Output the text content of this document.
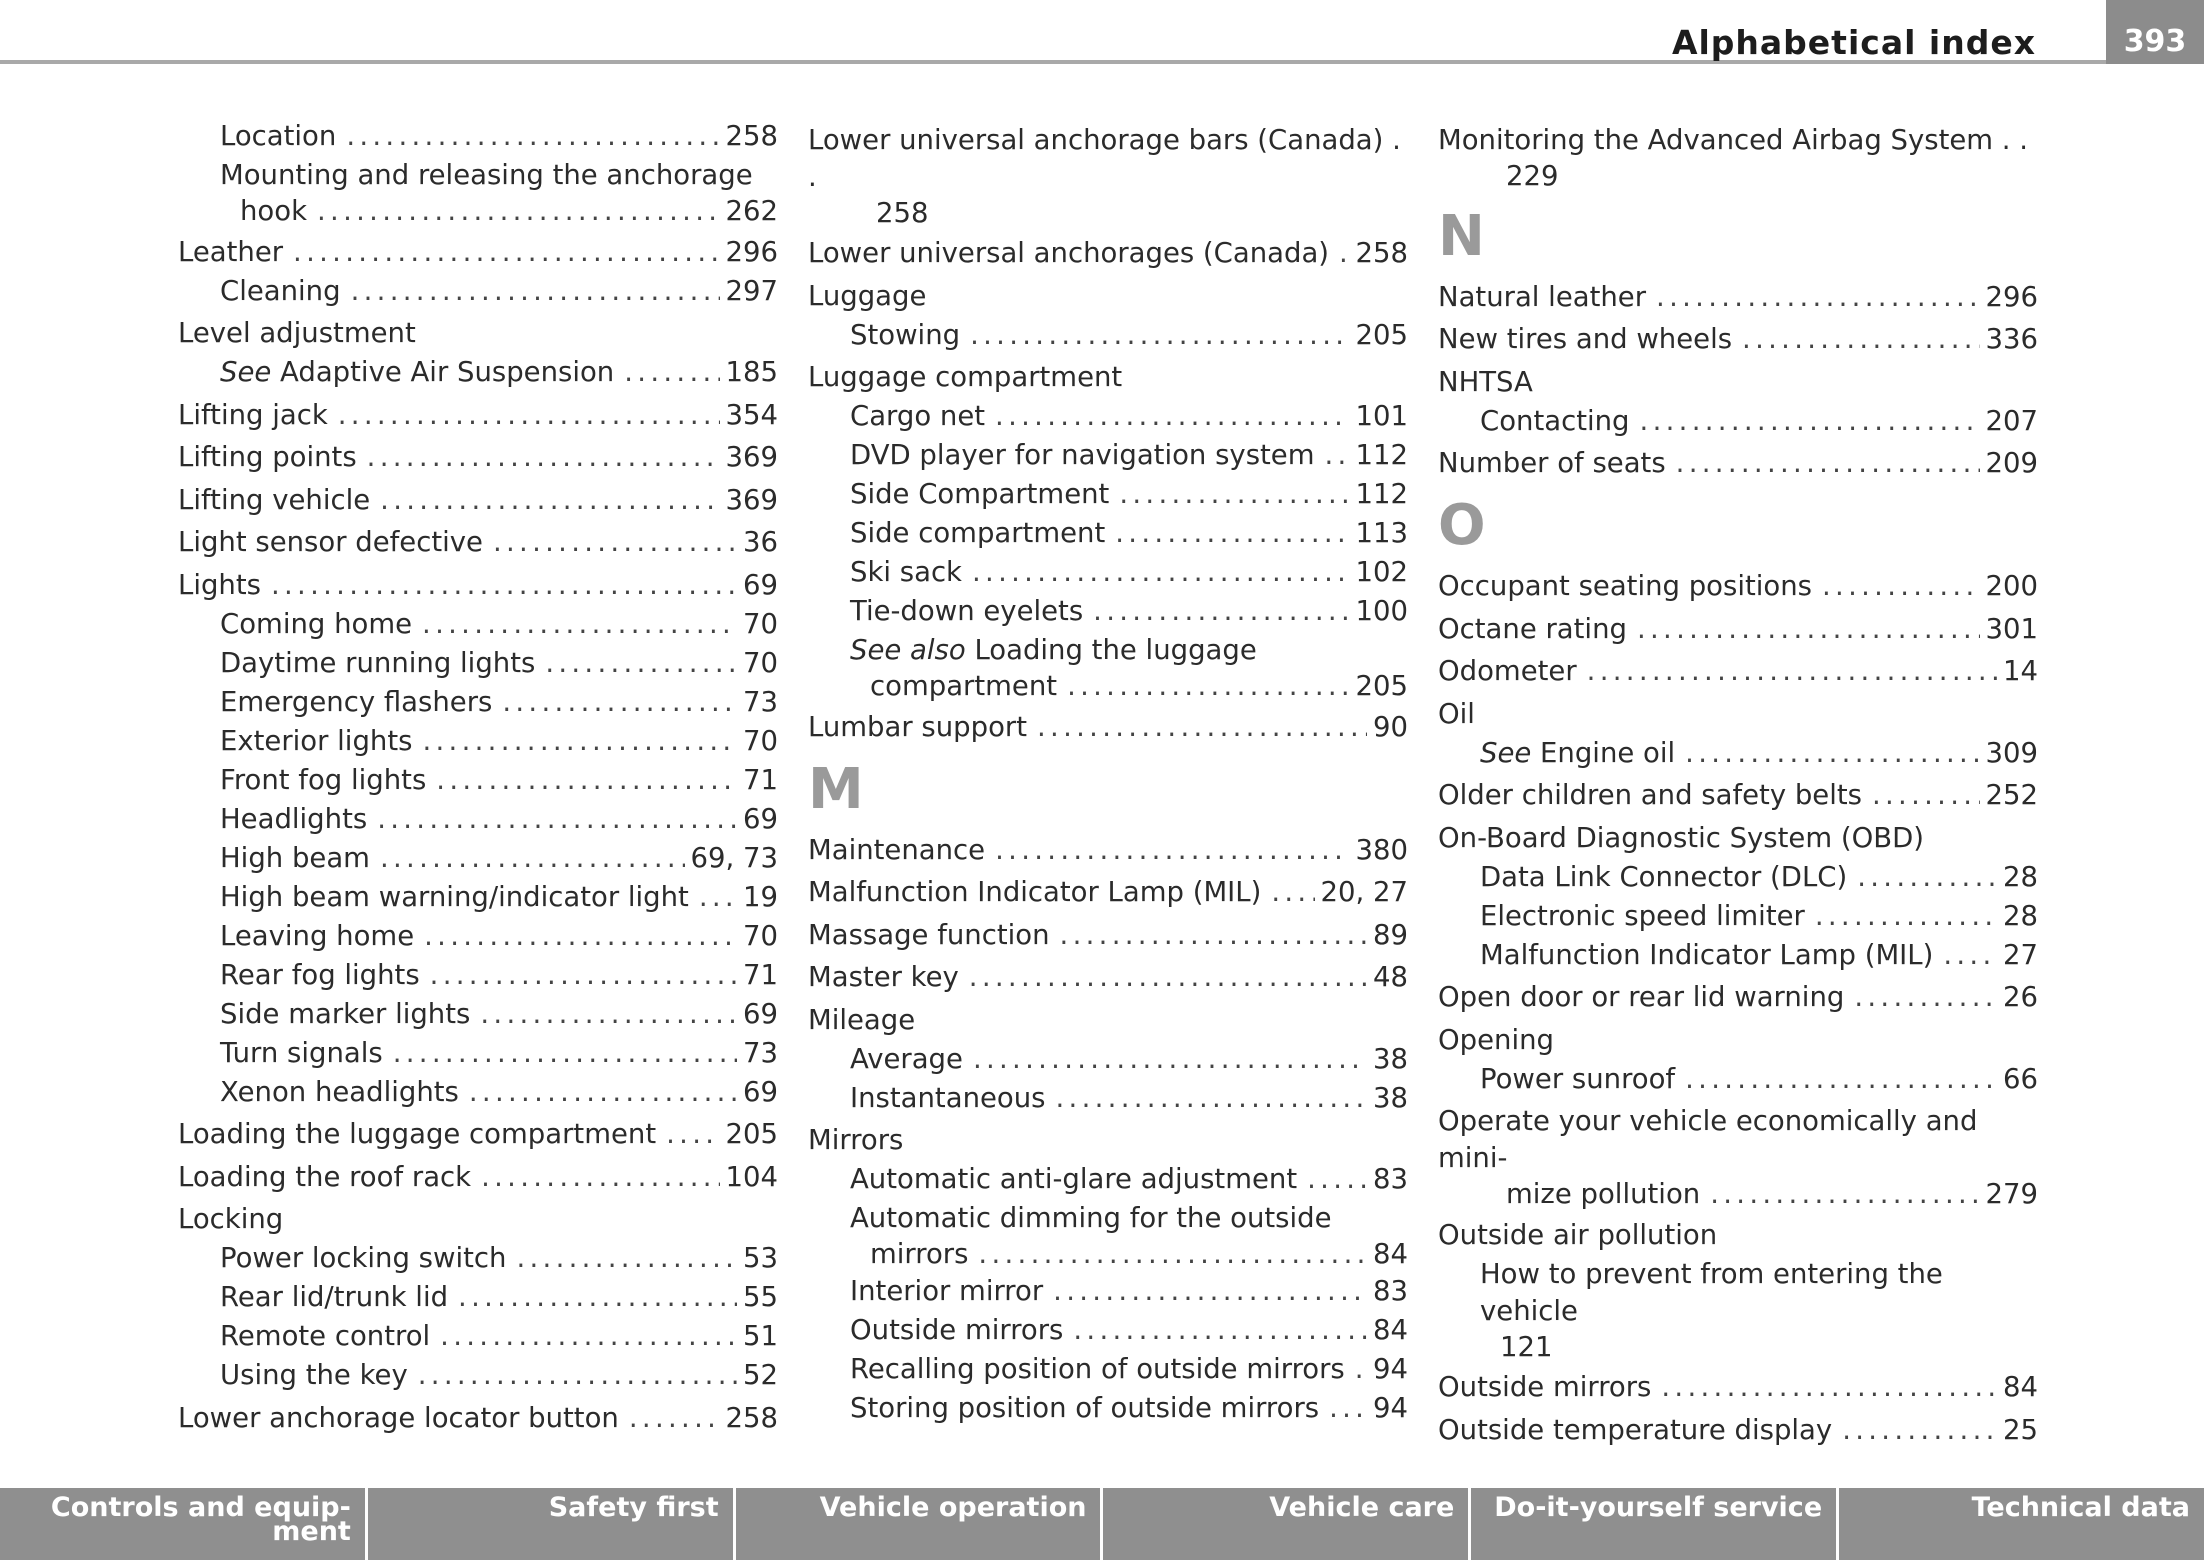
Alphabetical index	393
Location .....	258
Mounting and releasing the anchorage
hook .....	262
Leather .....	296
Cleaning .....	297
Level adjustment
See Adaptive Air Suspension .....	185
Lifting jack .....	354
Lifting points .....	369
Lifting vehicle .....	369
Light sensor defective .....	36
Lights .....	69
Coming home .....	70
Daytime running lights .....	70
Emergency flashers .....	73
Exterior lights .....	70
Front fog lights .....	71
Headlights .....	69
High beam .....	69, 73
High beam warning/indicator light ..... 19
Leaving home .....	70
Rear fog lights .....	71
Side marker lights .....	69
Turn signals .....	73
Xenon headlights .....	69
Loading the luggage compartment .....	205
Loading the roof rack .....	104
Locking
Power locking switch .....	53
Rear lid/trunk lid .....	55
Remote control .....	51
Using the key .....	52
Lower anchorage locator button .....	258
Lower universal anchorage bars (Canada) . .
258
Lower universal anchorages (Canada) ..... 258
Luggage
Stowing .....	205
Luggage compartment
Cargo net .....	101
DVD player for navigation system ..... 112
Side Compartment .....	112
Side compartment .....	113
Ski sack .....	102
Tie-down eyelets .....	100
See also Loading the luggage
compartment .....	205
Lumbar support .....	90
M
Maintenance .....	380
Malfunction Indicator Lamp (MIL) ..... 20, 27
Massage function .....	89
Master key .....	48
Mileage
Average .....	38
Instantaneous .....	38
Mirrors
Automatic anti-glare adjustment .....	83
Automatic dimming for the outside
mirrors .....	84
Interior mirror .....	83
Outside mirrors .....	84
Recalling position of outside mirrors ..... 94
Storing position of outside mirrors ..... 94
Monitoring the Advanced Airbag System . .
229
N
Natural leather .....	296
New tires and wheels .....	336
NHTSA
Contacting .....	207
Number of seats .....	209
O
Occupant seating positions .....	200
Octane rating .....	301
Odometer .....	14
Oil
See Engine oil .....	309
Older children and safety belts .....	252
On-Board Diagnostic System (OBD)
Data Link Connector (DLC) .....	28
Electronic speed limiter .....	28
Malfunction Indicator Lamp (MIL) .....	27
Open door or rear lid warning .....	26
Opening
Power sunroof .....	66
Operate your vehicle economically and mini-
mize pollution .....	279
Outside air pollution
How to prevent from entering the vehicle
121
Outside mirrors .....	84
Outside temperature display .....	25
Controls and equip- ment
Safety first	Vehicle operation	Vehicle care	Do-it-yourself service	Technical data
